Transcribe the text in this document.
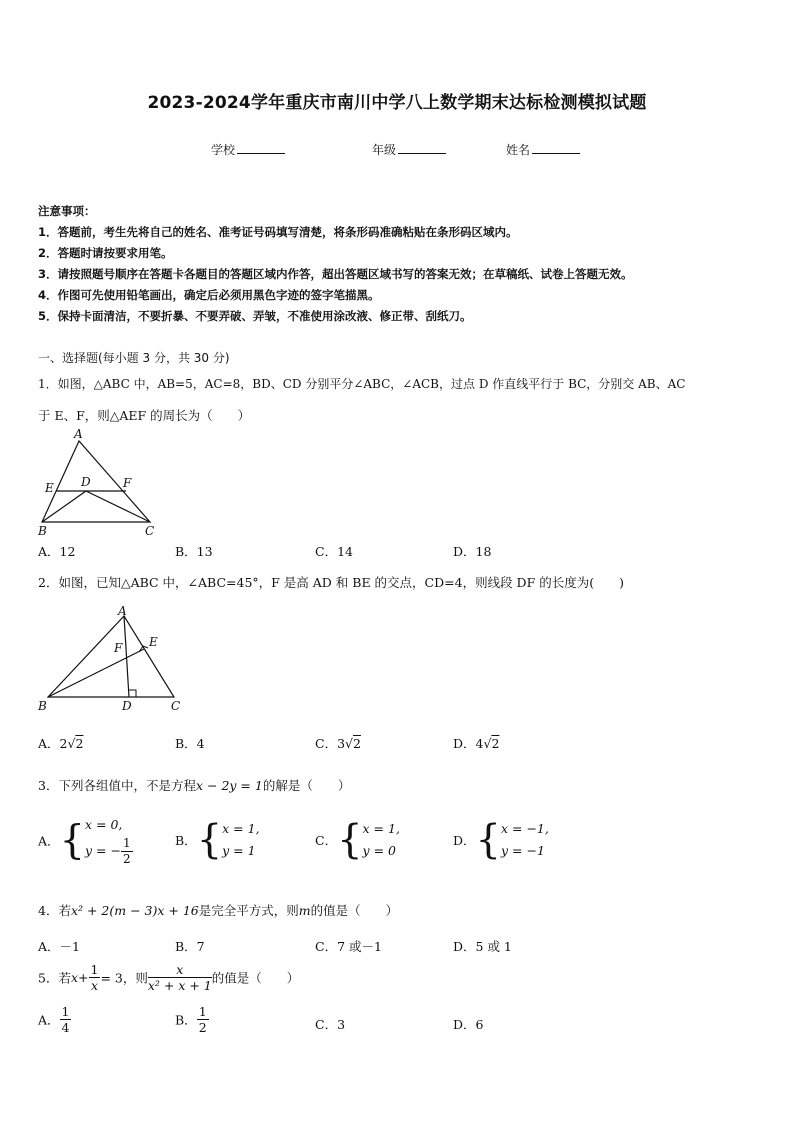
2023-2024学年重庆市南川中学八上数学期末达标检测模拟试题
学校	年级	姓名
注意事项：
1．答题前，考生先将自己的姓名、准考证号码填写清楚，将条形码准确粘贴在条形码区域内。
2．答题时请按要求用笔。
3．请按照题号顺序在答题卡各题目的答题区域内作答，超出答题区域书写的答案无效；在草稿纸、试卷上答题无效。
4．作图可先使用铅笔画出，确定后必须用黑色字迹的签字笔描黑。
5．保持卡面清洁，不要折暴、不要弄破、弄皱，不准使用涂改液、修正带、刮纸刀。
一、选择题(每小题 3 分，共 30 分)
1．如图，△ABC 中，AB=5，AC=8，BD、CD 分别平分∠ABC，∠ACB，过点 D 作直线平行于 BC，分别交 AB、AC
于 E、F，则△AEF 的周长为（　　）
A
B	C
D
E	F
A．12	B．13	C．14	D．18
2．如图，已知△ABC 中，∠ABC=45°，F 是高 AD 和 BE 的交点，CD=4，则线段 DF 的长度为(　　)
A
B	C
D
E
F
A．2√2	B．4	C．3√2	D．4√2
3．下列各组值中，不是方程x − 2y = 1的解是（　　）
A．{ x = 0,
y = − $\frac{1}{2}$	B．{ x = 1,
y = 1
C．{ x = 1,
y = 0
D．{ x = −1,
y = −1
4．若x² + 2(m − 3)x + 16是完全平方式，则m的值是（　　）
A．－1	B．7	C．7 或－1	D．5 或 1
5．若$x+ \frac{1}{x} = 3$，则 $\frac{x}{\text{x² + x + 1}}$ 的值是（　　）
A． $\frac{1}{4}$	B． $\frac{1}{2}$	C．3	D．6
